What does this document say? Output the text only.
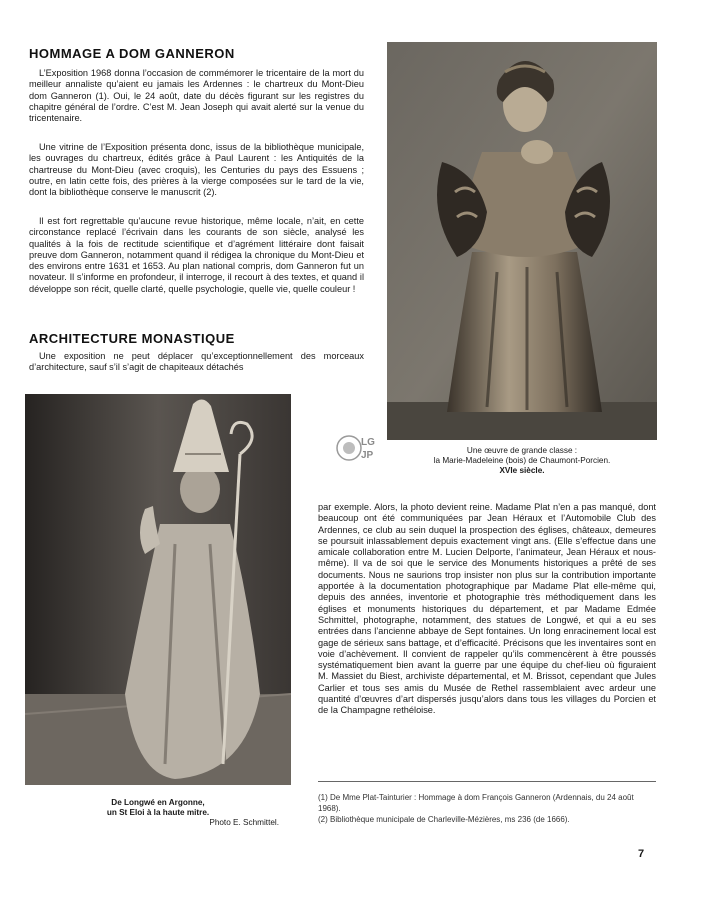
HOMMAGE A DOM GANNERON

L’Exposition 1968 donna l’occasion de commémorer le tricentaire de la mort du meilleur annaliste qu’aient eu jamais les Ardennes : le chartreux du Mont-Dieu dom Ganneron (1). Oui, le 24 août, date du décès figurant sur les registres du chapitre général de l’ordre. C’est M. Jean Joseph qui avait alerté sur la venue du tricentenaire.

Une vitrine de l’Exposition présenta donc, issus de la bibliothèque municipale, les ouvrages du chartreux, édités grâce à Paul Laurent : les Antiquités de la chartreuse du Mont-Dieu (avec croquis), les Centuries du pays des Essuens ; outre, en latin cette fois, des prières à la vierge composées sur le tard de la vie, dont la bibliothèque conserve le manuscrit (2).

Il est fort regrettable qu’aucune revue historique, même locale, n’ait, en cette circonstance replacé l’écrivain dans les courants de son siècle, analysé les qualités à la fois de rectitude scientifique et d’agrément littéraire dont faisait preuve dom Ganneron, notamment quand il rédigea la chronique du Mont-Dieu et des environs entre 1631 et 1653. Au plan national compris, dom Ganneron fut un novateur. Il s’informe en profondeur, il interroge, il recourt à des textes, et quand il développe son récit, quelle clarté, quelle psychologie, quelle vie, quelle couleur !

ARCHITECTURE MONASTIQUE

Une exposition ne peut déplacer qu’exceptionnellement des morceaux d’architecture, sauf s’il s’agit de chapiteaux détachés

Une œuvre de grande classe :
la Marie-Madeleine (bois) de Chaumont-Porcien.
XVIe siècle.

LG
JP

De Longwé en Argonne,
un St Eloi à la haute mitre.
Photo E. Schmittel.

par exemple. Alors, la photo devient reine. Madame Plat n’en a pas manqué, dont beaucoup ont été communiquées par Jean Héraux et l’Automobile Club des Ardennes, ce club au sein duquel la prospection des églises, châteaux, demeures se poursuit inlassablement depuis exactement vingt ans. (Elle s’effectue dans une amicale collaboration entre M. Lucien Delporte, l’animateur, Jean Héraux et nous-même). Il va de soi que le service des Monuments historiques a prêté de ses documents. Nous ne saurions trop insister non plus sur la contribution importante apportée à la documentation photographique par Madame Plat elle-même qui, depuis des années, inventorie et photographie très méthodiquement dans les églises et monuments historiques du département, et par Madame Edmée Schmittel, photographe, notamment, des statues de Longwé, et qui a eu ses entrées dans l’ancienne abbaye de Sept fontaines. Un long enracinement local est gage de sérieux sans battage, et d’efficacité. Précisons que les inventaires sont en voie d’achèvement. Il convient de rappeler qu’ils commencèrent à être poussés systématiquement bien avant la guerre par une équipe du chef-lieu où figuraient M. Massiet du Biest, archiviste départemental, et M. Brissot, cependant que Jules Carlier et tous ses amis du Musée de Rethel rassemblaient avec ardeur une quantité d’œuvres d’art dispersés jusqu’alors dans tous les villages du Porcien et de la Champagne rethéloise.

(1) De Mme Plat-Tainturier : Hommage à dom François Ganneron (Ardennais, du 24 août 1968).

(2) Bibliothèque municipale de Charleville-Mézières, ms 236 (de 1666).

7
